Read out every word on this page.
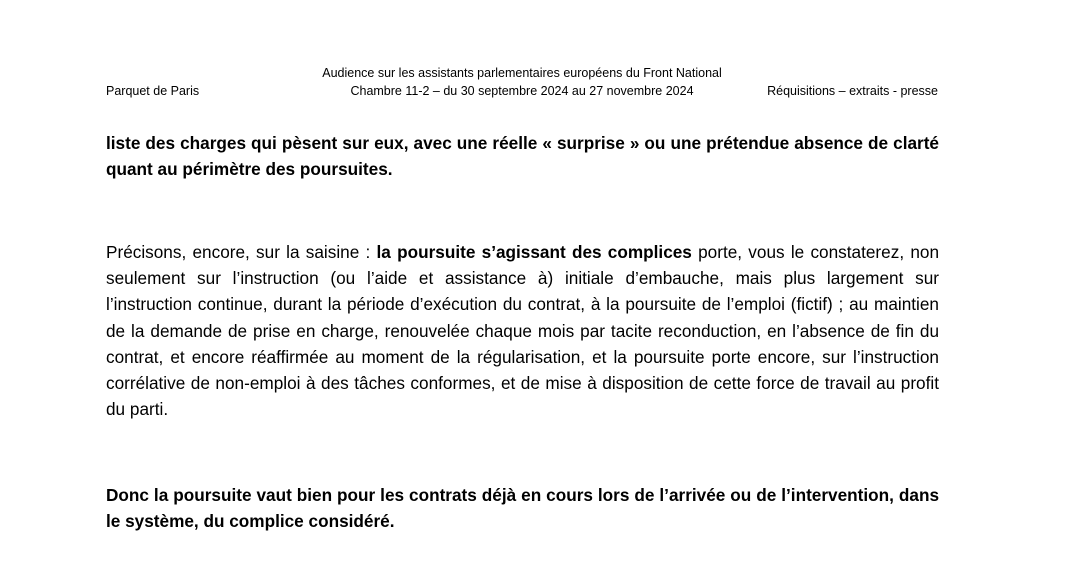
Parquet de Paris
Audience sur les assistants parlementaires européens du Front National
Chambre 11-2 – du 30 septembre 2024 au 27 novembre 2024	Réquisitions – extraits - presse

liste des charges qui pèsent sur eux, avec une réelle « surprise » ou une prétendue absence de clarté quant au périmètre des poursuites.

Précisons, encore, sur la saisine : la poursuite s’agissant des complices porte, vous le constaterez, non seulement sur l’instruction (ou l’aide et assistance à) initiale d’embauche, mais plus largement sur l’instruction continue, durant la période d’exécution du contrat, à la poursuite de l’emploi (fictif) ; au maintien de la demande de prise en charge, renouvelée chaque mois par tacite reconduction, en l’absence de fin du contrat, et encore réaffirmée au moment de la régularisation, et la poursuite porte encore, sur l’instruction corrélative de non-emploi à des tâches conformes, et de mise à disposition de cette force de travail au profit du parti.

Donc la poursuite vaut bien pour les contrats déjà en cours lors de l’arrivée ou de l’intervention, dans le système, du complice considéré.
